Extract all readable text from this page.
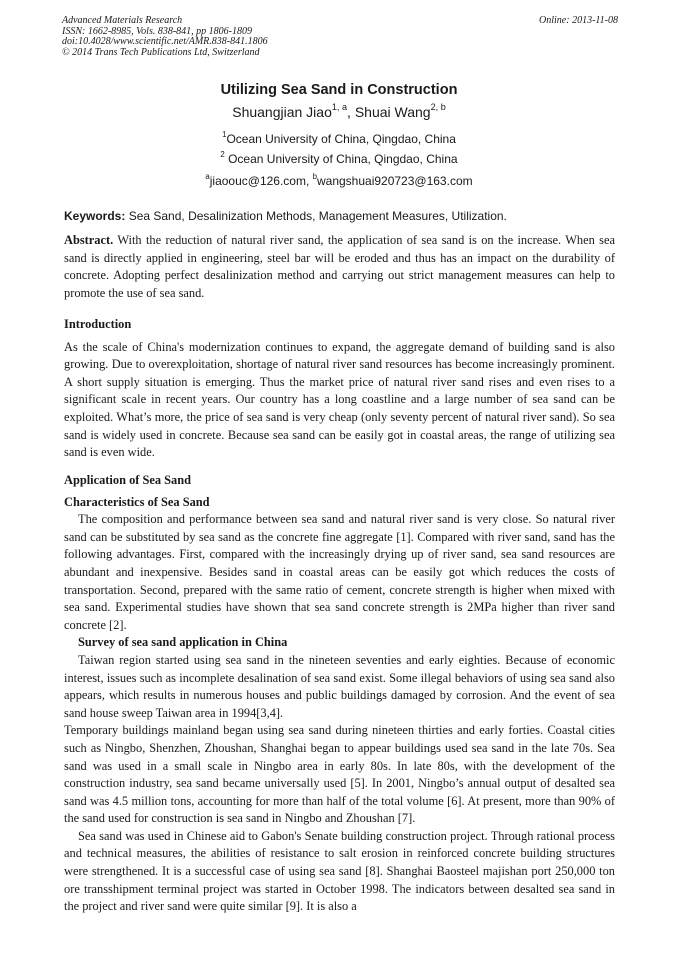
Advanced Materials Research	Online: 2013-11-08
ISSN: 1662-8985, Vols. 838-841, pp 1806-1809
doi:10.4028/www.scientific.net/AMR.838-841.1806
© 2014 Trans Tech Publications Ltd, Switzerland
Utilizing Sea Sand in Construction
Shuangjian Jiao$^{1, a}$, Shuai Wang$^{2, b}$
$^1$Ocean University of China, Qingdao, China
$^2$ Ocean University of China, Qingdao, China
$^a$jiaoouc@126.com, $^b$wangshuai920723@163.com
Keywords: Sea Sand, Desalinization Methods, Management Measures, Utilization.

Abstract. With the reduction of natural river sand, the application of sea sand is on the increase. When sea sand is directly applied in engineering, steel bar will be eroded and thus has an impact on the durability of concrete. Adopting perfect desalinization method and carrying out strict management measures can help to promote the use of sea sand.

Introduction

As the scale of China's modernization continues to expand, the aggregate demand of building sand is also growing. Due to overexploitation, shortage of natural river sand resources has become increasingly prominent. A short supply situation is emerging. Thus the market price of natural river sand rises and even rises to a significant scale in recent years. Our country has a long coastline and a large number of sea sand can be exploited. What’s more, the price of sea sand is very cheap (only seventy percent of natural river sand). So sea sand is widely used in concrete. Because sea sand can be easily got in coastal areas, the range of utilizing sea sand is even wide.

Application of Sea Sand
Characteristics of Sea Sand

The composition and performance between sea sand and natural river sand is very close. So natural river sand can be substituted by sea sand as the concrete fine aggregate [1]. Compared with river sand, sand has the following advantages. First, compared with the increasingly drying up of river sand, sea sand resources are abundant and inexpensive. Besides sand in coastal areas can be easily got which reduces the costs of transportation. Second, prepared with the same ratio of cement, concrete strength is higher when mixed with sea sand. Experimental studies have shown that sea sand concrete strength is 2MPa higher than river sand concrete [2].

Survey of sea sand application in China

Taiwan region started using sea sand in the nineteen seventies and early eighties. Because of economic interest, issues such as incomplete desalination of sea sand exist. Some illegal behaviors of using sea sand also appears, which results in numerous houses and public buildings damaged by corrosion. And the event of sea sand house sweep Taiwan area in 1994[3,4].

Temporary buildings mainland began using sea sand during nineteen thirties and early forties. Coastal cities such as Ningbo, Shenzhen, Zhoushan, Shanghai began to appear buildings used sea sand in the late 70s. Sea sand was used in a small scale in Ningbo area in early 80s. In late 80s, with the development of the construction industry, sea sand became universally used [5]. In 2001, Ningbo’s annual output of desalted sea sand was 4.5 million tons, accounting for more than half of the total volume [6]. At present, more than 90% of the sand used for construction is sea sand in Ningbo and Zhoushan [7].

Sea sand was used in Chinese aid to Gabon's Senate building construction project. Through rational process and technical measures, the abilities of resistance to salt erosion in reinforced concrete building structures were strengthened. It is a successful case of using sea sand [8]. Shanghai Baosteel majishan port 250,000 ton ore transshipment terminal project was started in October 1998. The indicators between desalted sea sand in the project and river sand were quite similar [9]. It is also a
